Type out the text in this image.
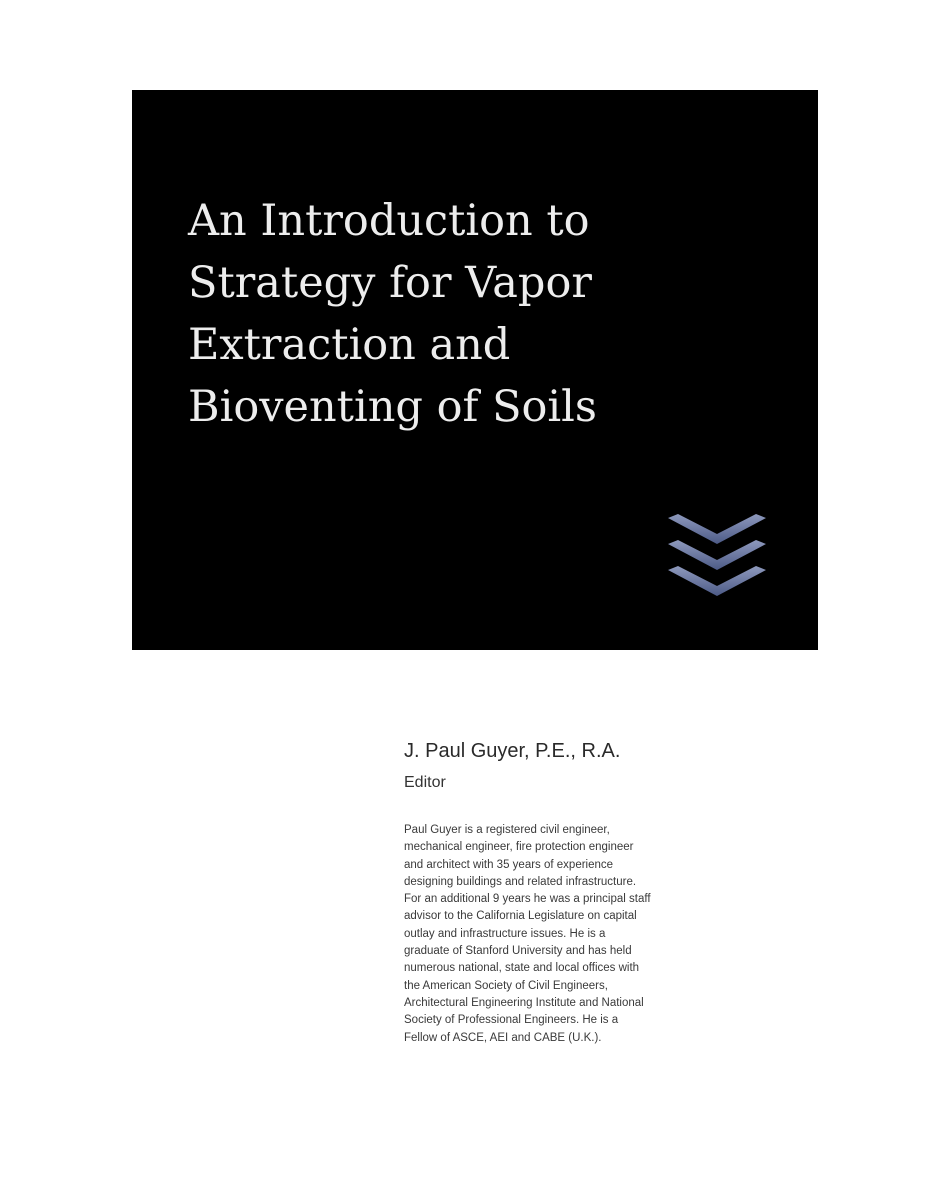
An Introduction to
Strategy for Vapor
Extraction and
Bioventing of Soils
J. Paul Guyer, P.E., R.A.
Editor
Paul Guyer is a registered civil engineer,
mechanical engineer, fire protection engineer
and architect with 35 years of experience
designing buildings and related infrastructure.
For an additional 9 years he was a principal staff
advisor to the California Legislature on capital
outlay and infrastructure issues. He is a
graduate of Stanford University and has held
numerous national, state and local offices with
the American Society of Civil Engineers,
Architectural Engineering Institute and National
Society of Professional Engineers. He is a
Fellow of ASCE, AEI and CABE (U.K.).
